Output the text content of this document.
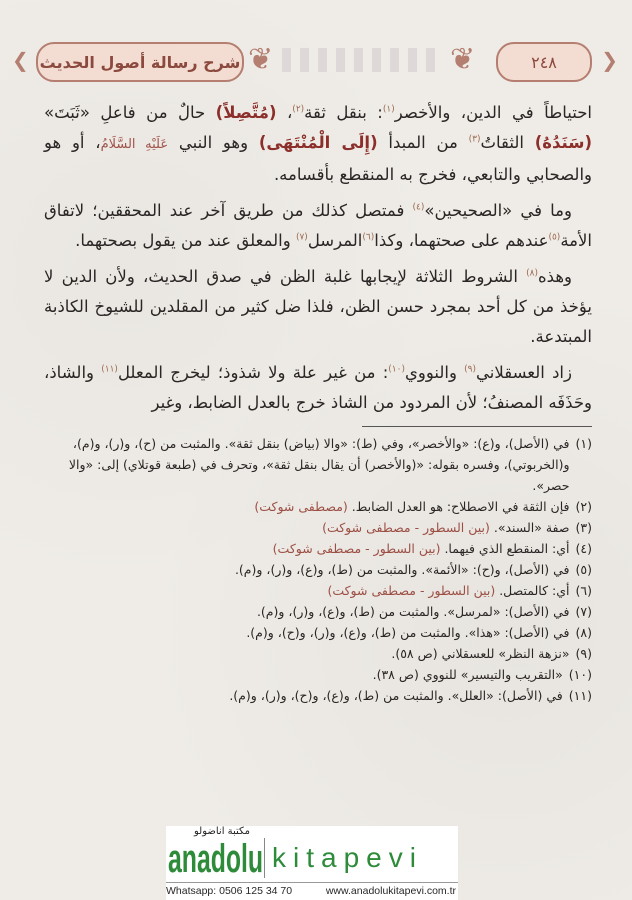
❮ شرح رسالة أصول الحديث ❦	❦	٢٤٨	❯

احتياطاً في الدين، والأخصر$^{(١)}$: بنقل ثقة$^{(٢)}$، (مُتَّصِلاً) حالٌ من فاعلِ «ثَبَتَ» (سَنَدُهُ) الثقاتُ$^{(٣)}$ من المبدأ (إِلَى الْمُنْتَهَى) وهو النبي عَلَيْهِ السَّلَامُ، أو هو والصحابي والتابعي، فخرج به المنقطع بأقسامه.

وما في «الصحيحين»$^{(٤)}$ فمتصل كذلك من طريق آخر عند المحققين؛ لاتفاق الأمة$^{(٥)}$عندهم على صحتهما، وكذا$^{(٦)}$المرسل$^{(٧)}$ والمعلق عند من يقول بصحتهما.

وهذه$^{(٨)}$ الشروط الثلاثة لإيجابها غلبة الظن في صدق الحديث، ولأن الدين لا يؤخذ من كل أحد بمجرد حسن الظن، فلذا ضل كثير من المقلدين للشيوخ الكاذبة المبتدعة.

زاد العسقلاني$^{(٩)}$ والنووي$^{(١٠)}$: من غير علة ولا شذوذ؛ ليخرج المعلل$^{(١١)}$ والشاذ، وحَذَفَه المصنفُ؛ لأن المردود من الشاذ خرج بالعدل الضابط، وغير

(١)
في (الأصل)، و(ع): «والأخصر»، وفي (ط): «والا (بياض) بنقل ثقة». والمثبت من (ح)، و(ر)، و(م)، و(الخربوتي)، وفسره بقوله: «(والأخصر) أن يقال بنقل ثقة»، وتحرف في (طبعة قوتلاي) إلى: «والا حصر».
(٢)
فإن الثقة في الاصطلاح: هو العدل الضابط. (مصطفى شوكت)
(٣)
صفة «السند». (بين السطور - مصطفى شوكت)
(٤)
أي: المنقطع الذي فيهما. (بين السطور - مصطفى شوكت)
(٥)
في (الأصل)، و(ح): «الأئمة». والمثبت من (ط)، و(ع)، و(ر)، و(م).
(٦)
أي: كالمتصل. (بين السطور - مصطفى شوكت)
(٧)
في (الأصل): «لمرسل». والمثبت من (ط)، و(ع)، و(ر)، و(م).
(٨)
في (الأصل): «هذا». والمثبت من (ط)، و(ع)، و(ر)، و(ح)، و(م).
(٩)
«نزهة النظر» للعسقلاني (ص ٥٨).
(١٠)
«التقريب والتيسير» للنووي (ص ٣٨).
(١١)
في (الأصل): «العلل». والمثبت من (ط)، و(ع)، و(ح)، و(ر)، و(م).
مكتبة اناضولو
anadolu kitapevi
Whatsapp: 0506 125 34 70	www.anadolukitapevi.com.tr
